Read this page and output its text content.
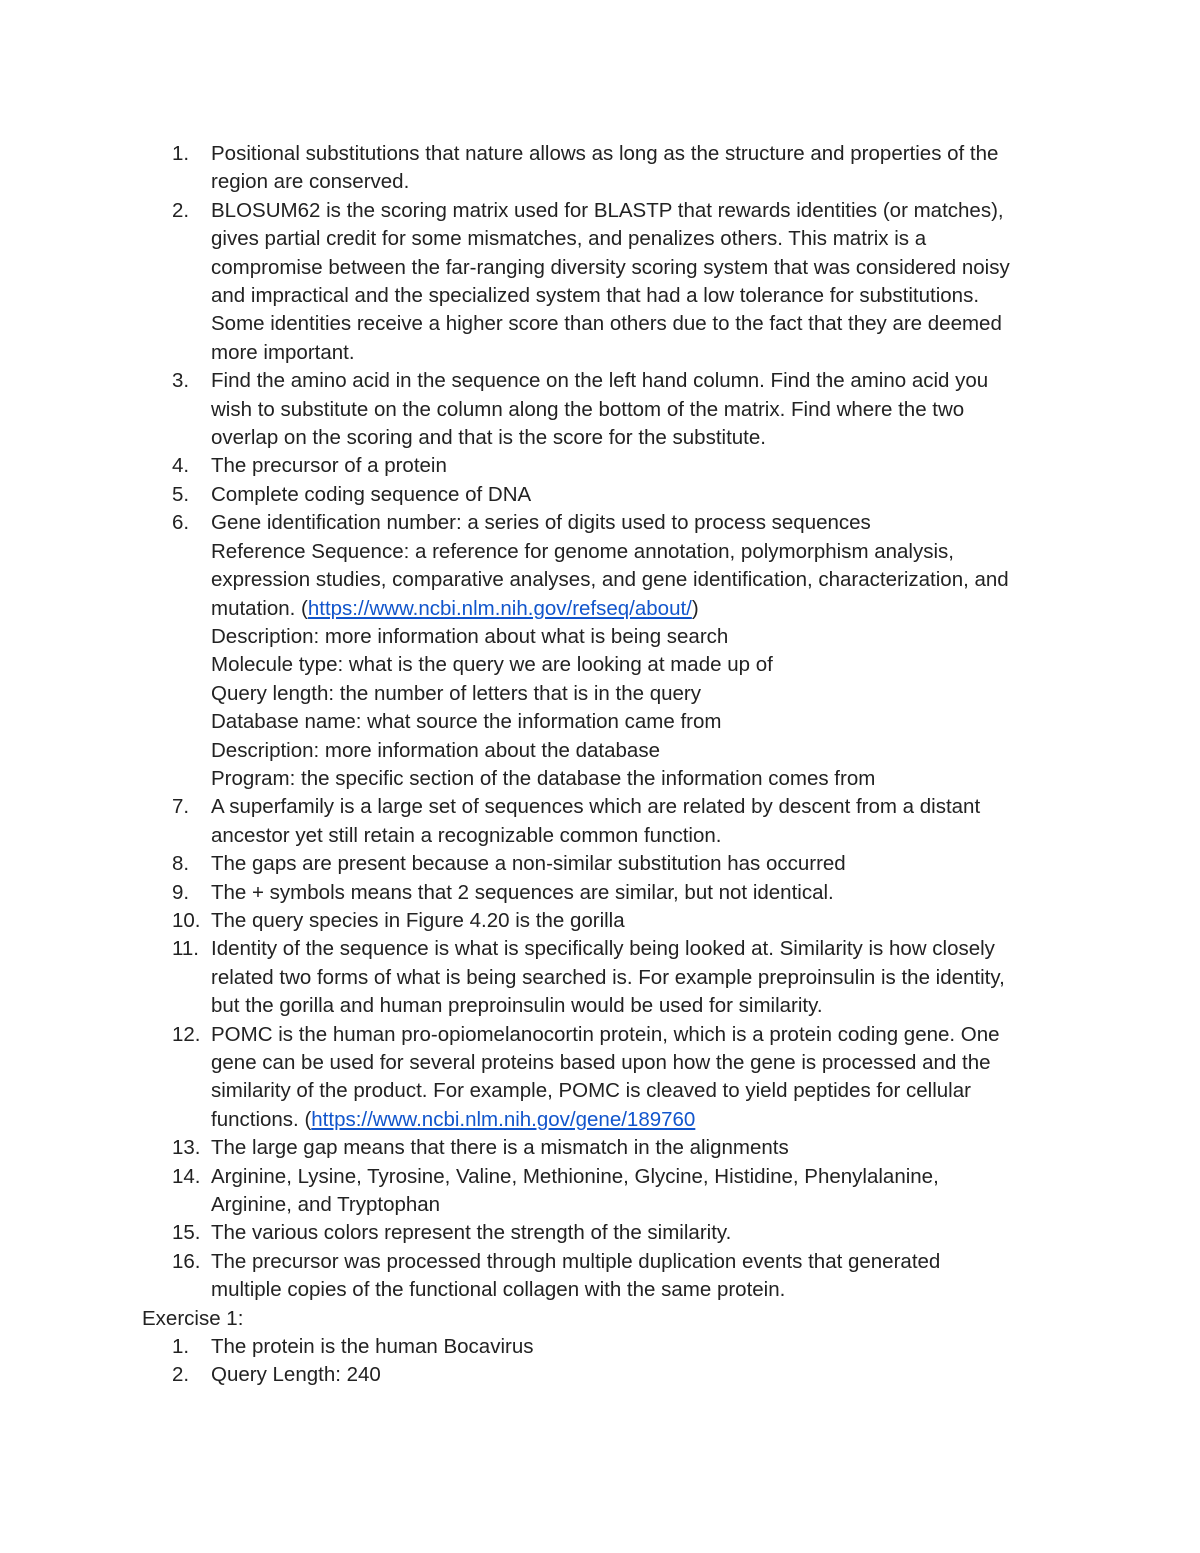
1. Positional substitutions that nature allows as long as the structure and properties of the
region are conserved.
2. BLOSUM62 is the scoring matrix used for BLASTP that rewards identities (or matches),
gives partial credit for some mismatches, and penalizes others. This matrix is a
compromise between the far-ranging diversity scoring system that was considered noisy
and impractical and the specialized system that had a low tolerance for substitutions.
Some identities receive a higher score than others due to the fact that they are deemed
more important.
3. Find the amino acid in the sequence on the left hand column. Find the amino acid you
wish to substitute on the column along the bottom of the matrix. Find where the two
overlap on the scoring and that is the score for the substitute.
4. The precursor of a protein
5. Complete coding sequence of DNA
6. Gene identification number: a series of digits used to process sequences
Reference Sequence: a reference for genome annotation, polymorphism analysis,
expression studies, comparative analyses, and gene identification, characterization, and
mutation. (https://www.ncbi.nlm.nih.gov/refseq/about/)
Description: more information about what is being search
Molecule type: what is the query we are looking at made up of
Query length: the number of letters that is in the query
Database name: what source the information came from
Description: more information about the database
Program: the specific section of the database the information comes from
7. A superfamily is a large set of sequences which are related by descent from a distant
ancestor yet still retain a recognizable common function.
8. The gaps are present because a non-similar substitution has occurred
9. The + symbols means that 2 sequences are similar, but not identical.
10. The query species in Figure 4.20 is the gorilla
11. Identity of the sequence is what is specifically being looked at. Similarity is how closely
related two forms of what is being searched is. For example preproinsulin is the identity,
but the gorilla and human preproinsulin would be used for similarity.
12. POMC is the human pro-opiomelanocortin protein, which is a protein coding gene. One
gene can be used for several proteins based upon how the gene is processed and the
similarity of the product. For example, POMC is cleaved to yield peptides for cellular
functions. (https://www.ncbi.nlm.nih.gov/gene/189760
13. The large gap means that there is a mismatch in the alignments
14. Arginine, Lysine, Tyrosine, Valine, Methionine, Glycine, Histidine, Phenylalanine,
Arginine, and Tryptophan
15. The various colors represent the strength of the similarity.
16. The precursor was processed through multiple duplication events that generated
multiple copies of the functional collagen with the same protein.
Exercise 1:
1. The protein is the human Bocavirus
2. Query Length: 240
